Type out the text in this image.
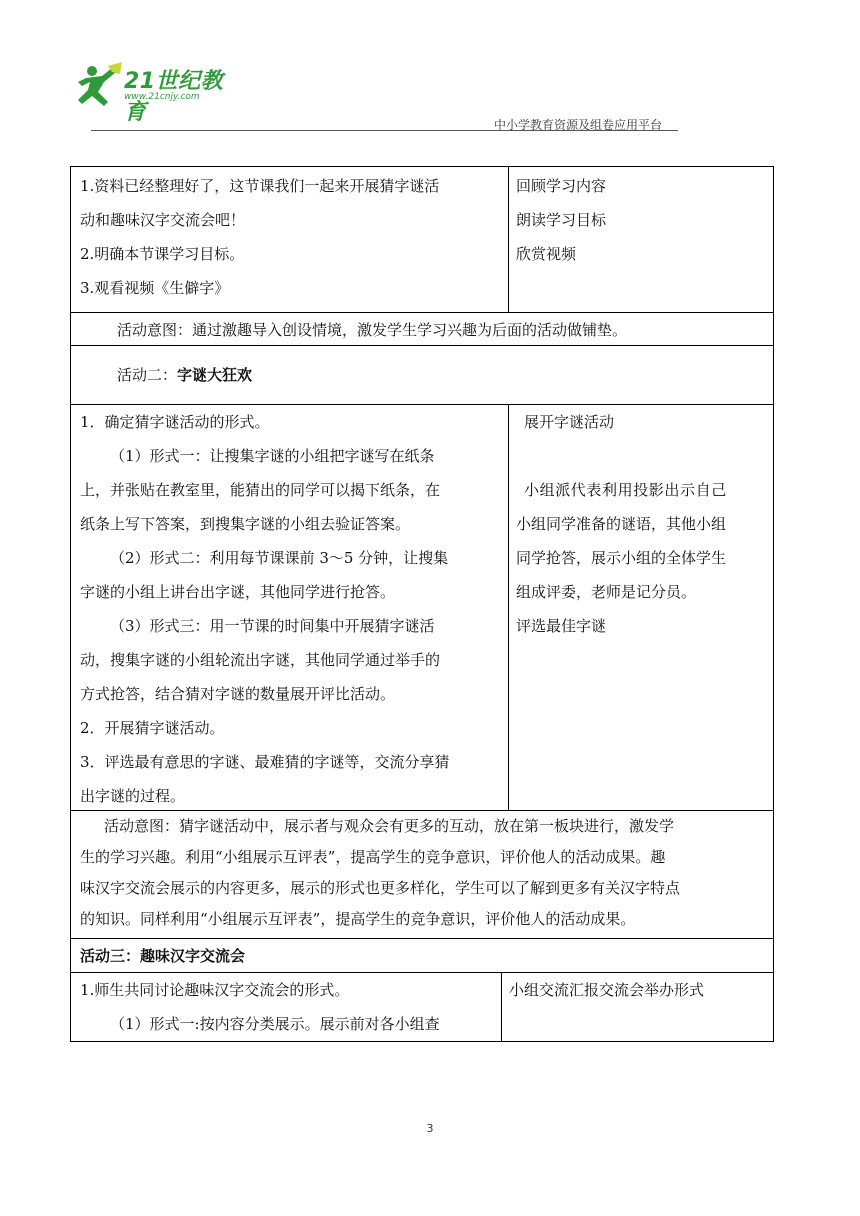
21世纪教育
www.21cnjy.com
中小学教育资源及组卷应用平台

1.资料已经整理好了，这节课我们一起来开展猜字谜活

动和趣味汉字交流会吧！

2.明确本节课学习目标。

3.观看视频《生僻字》

回顾学习内容

朗读学习目标

欣赏视频

活动意图：通过激趣导入创设情境，激发学生学习兴趣为后面的活动做铺垫。

活动二：字谜大狂欢

1．确定猜字谜活动的形式。

（1）形式一：让搜集字谜的小组把字谜写在纸条

上，并张贴在教室里，能猜出的同学可以揭下纸条，在

纸条上写下答案，到搜集字谜的小组去验证答案。

（2）形式二：利用每节课课前 3～5 分钟，让搜集

字谜的小组上讲台出字谜，其他同学进行抢答。

（3）形式三：用一节课的时间集中开展猜字谜活

动，搜集字谜的小组轮流出字谜，其他同学通过举手的

方式抢答，结合猜对字谜的数量展开评比活动。

2．开展猜字谜活动。

3．评选最有意思的字谜、最难猜的字谜等，交流分享猜

出字谜的过程。

展开字谜活动

小组派代表利用投影出示自己

小组同学准备的谜语，其他小组

同学抢答，展示小组的全体学生

组成评委，老师是记分员。

评选最佳字谜

活动意图：猜字谜活动中，展示者与观众会有更多的互动，放在第一板块进行，激发学

生的学习兴趣。利用“小组展示互评表”，提高学生的竞争意识，评价他人的活动成果。趣

味汉字交流会展示的内容更多，展示的形式也更多样化，学生可以了解到更多有关汉字特点

的知识。同样利用“小组展示互评表”，提高学生的竞争意识，评价他人的活动成果。

活动三：趣味汉字交流会

1.师生共同讨论趣味汉字交流会的形式。

（1）形式一:按内容分类展示。展示前对各小组查

小组交流汇报交流会举办形式

3
